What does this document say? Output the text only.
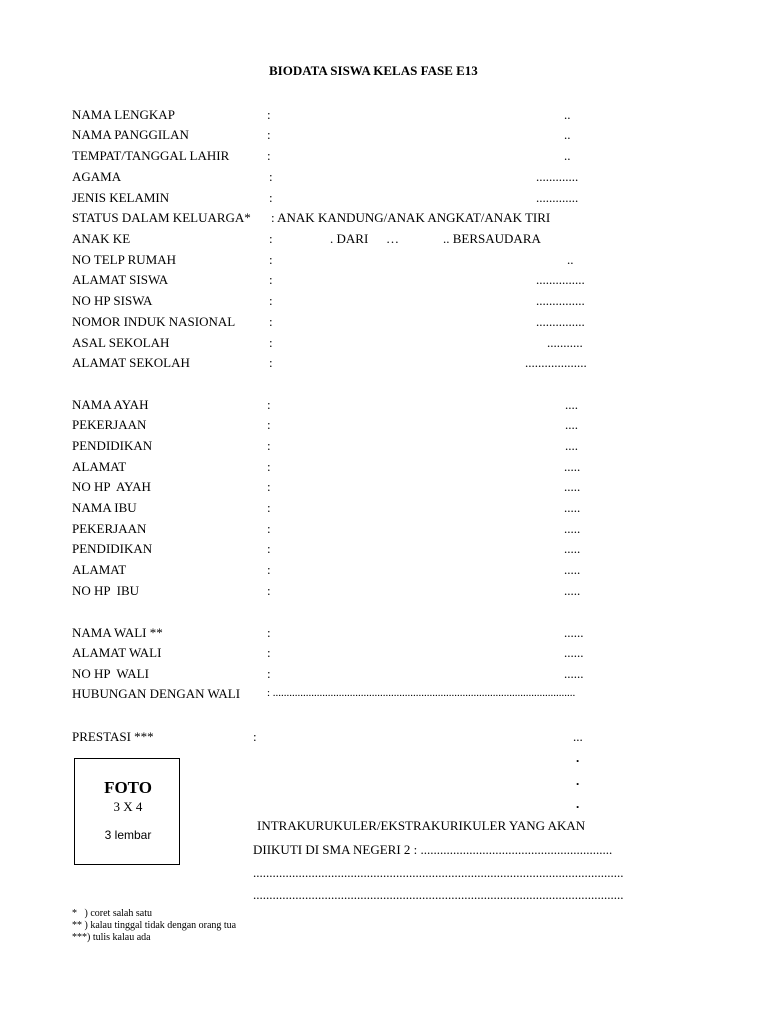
BIODATA SISWA KELAS FASE E13
NAMA LENGKAP	:	..
NAMA PANGGILAN	:	..
TEMPAT/TANGGAL LAHIR	:	..
AGAMA	:	.............
JENIS KELAMIN	:	.............
STATUS DALAM KELUARGA* : ANAK KANDUNG/ANAK ANGKAT/ANAK TIRI
ANAK KE	:	. DARI …	.. BERSAUDARA
NO TELP RUMAH	:	..
ALAMAT SISWA	:	...............
NO HP SISWA	:	...............
NOMOR INDUK NASIONAL	:	...............
ASAL SEKOLAH	:	...........
ALAMAT SEKOLAH	:	...................
NAMA AYAH	:	....
PEKERJAAN	:	....
PENDIDIKAN	:	....
ALAMAT	:	.....
NO HP  AYAH	:	.....
NAMA IBU	:	.....
PEKERJAAN	:	.....
PENDIDIKAN	:	.....
ALAMAT	:	.....
NO HP  IBU	:	.....
NAMA WALI **	:	......
ALAMAT WALI	:	......
NO HP  WALI	:	......
HUBUNGAN DENGAN WALI : ..............................................................................................................
PRESTASI ***	:	...
.
.
.
FOTO
3 X 4
3 lembar
INTRAKURUKULER/EKSTRAKURIKULER YANG AKAN
DIIKUTI DI SMA NEGERI 2 : ...........................................................
..................................................................................................................
..................................................................................................................
*   ) coret salah satu
** ) kalau tinggal tidak dengan orang tua
***) tulis kalau ada
